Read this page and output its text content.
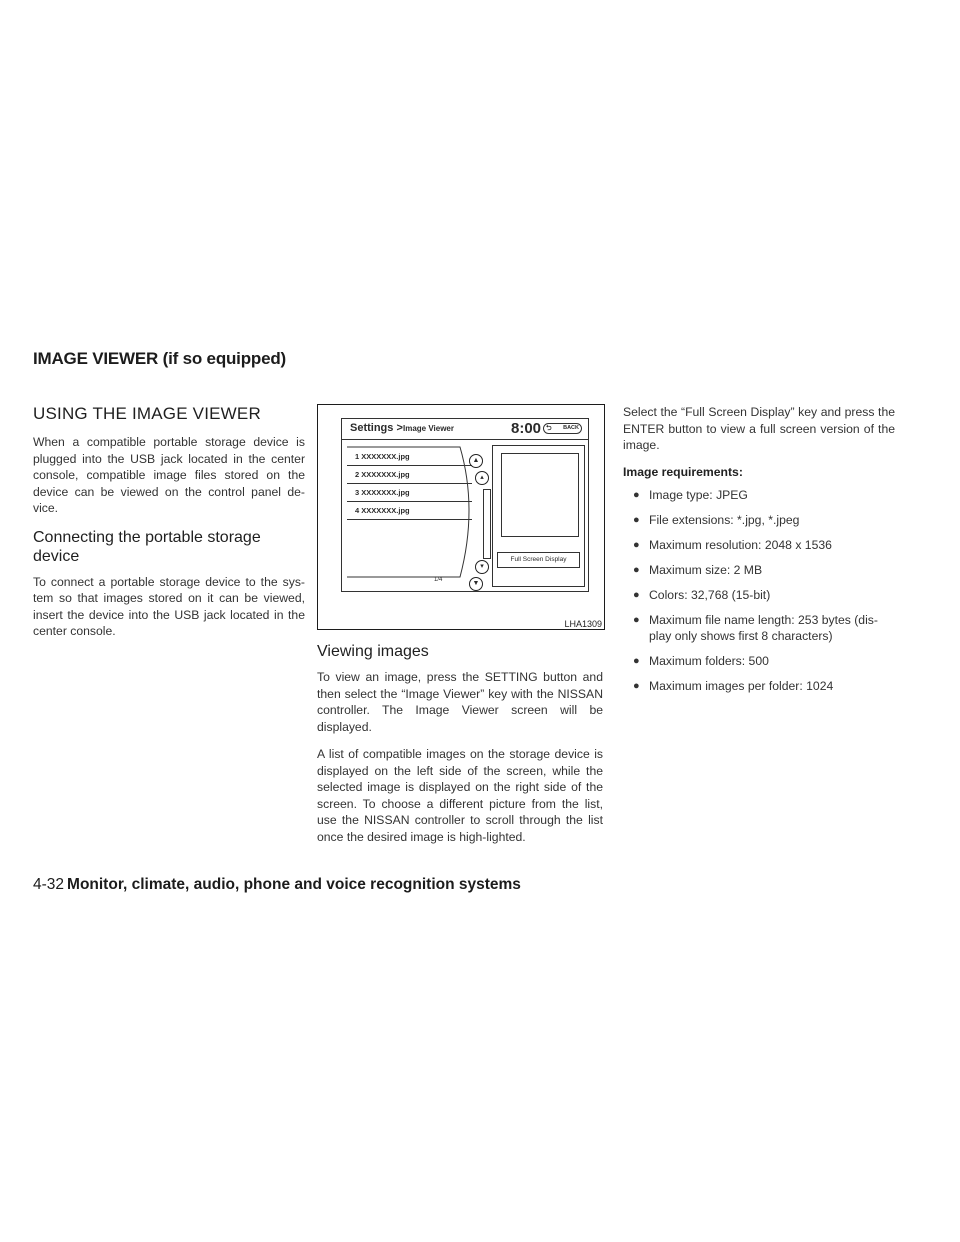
IMAGE VIEWER (if so equipped)
USING THE IMAGE VIEWER

When a compatible portable storage device is plugged into the USB jack located in the center console, compatible image files stored on the device can be viewed on the control panel de-vice.

Connecting the portable storage device

To connect a portable storage device to the sys-tem so that images stored on it can be viewed, insert the device into the USB jack located in the center console.

Settings > Image Viewer	8:00 ⮌ BACK
1 XXXXXXX.jpg
2 XXXXXXX.jpg
3 XXXXXXX.jpg
4 XXXXXXX.jpg
1/4
▲
▴
▾
▼
Full Screen Display
LHA1309
Viewing images

To view an image, press the SETTING button and then select the “Image Viewer” key with the NISSAN controller. The Image Viewer screen will be displayed.

A list of compatible images on the storage device is displayed on the left side of the screen, while the selected image is displayed on the right side of the screen. To choose a different picture from the list, use the NISSAN controller to scroll through the list once the desired image is high-lighted.

Select the “Full Screen Display” key and press the ENTER button to view a full screen version of the image.

Image requirements:
● Image type: JPEG
● File extensions: *.jpg, *.jpeg
● Maximum resolution: 2048 x 1536
● Maximum size: 2 MB
● Colors: 32,768 (15-bit)
● Maximum file name length: 253 bytes (dis-play only shows first 8 characters)
● Maximum folders: 500
● Maximum images per folder: 1024
4-32 Monitor, climate, audio, phone and voice recognition systems
